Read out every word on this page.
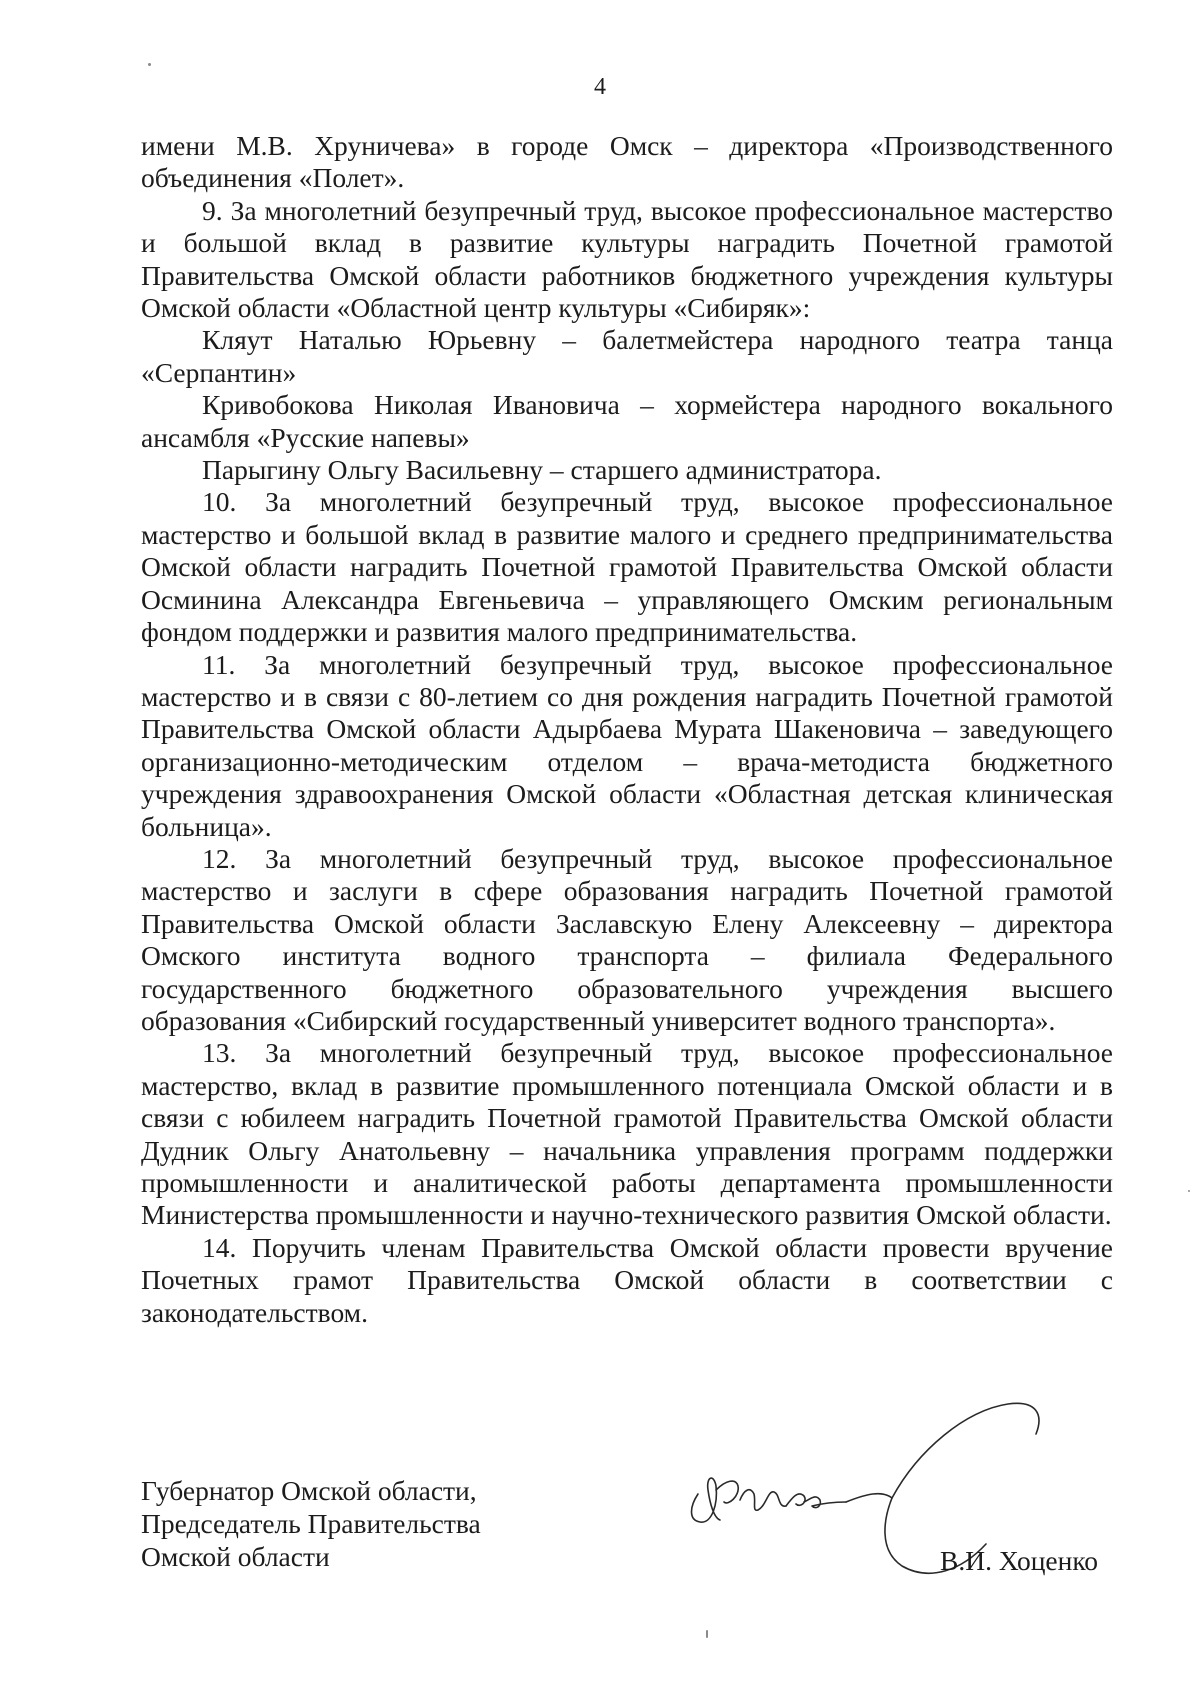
4

имени М.В. Хруничева» в городе Омск – директора «Производственного объединения «Полет».

9. За многолетний безупречный труд, высокое профессиональное мастерство и большой вклад в развитие культуры наградить Почетной грамотой Правительства Омской области работников бюджетного учреждения культуры Омской области «Областной центр культуры «Сибиряк»:

Кляут Наталью Юрьевну – балетмейстера народного театра танца «Серпантин»

Кривобокова Николая Ивановича – хормейстера народного вокального ансамбля «Русские напевы»

Парыгину Ольгу Васильевну – старшего администратора.

10. За многолетний безупречный труд, высокое профессиональное мастерство и большой вклад в развитие малого и среднего предпринимательства Омской области наградить Почетной грамотой Правительства Омской области Осминина Александра Евгеньевича – управляющего Омским региональным фондом поддержки и развития малого предпринимательства.

11. За многолетний безупречный труд, высокое профессиональное мастерство и в связи с 80-летием со дня рождения наградить Почетной грамотой Правительства Омской области Адырбаева Мурата Шакеновича – заведующего организационно-методическим отделом – врача-методиста бюджетного учреждения здравоохранения Омской области «Областная детская клиническая больница».

12. За многолетний безупречный труд, высокое профессиональное мастерство и заслуги в сфере образования наградить Почетной грамотой Правительства Омской области Заславскую Елену Алексеевну – директора Омского института водного транспорта – филиала Федерального государственного бюджетного образовательного учреждения высшего образования «Сибирский государственный университет водного транспорта».

13. За многолетний безупречный труд, высокое профессиональное мастерство, вклад в развитие промышленного потенциала Омской области и в связи с юбилеем наградить Почетной грамотой Правительства Омской области Дудник Ольгу Анатольевну – начальника управления программ поддержки промышленности и аналитической работы департамента промышленности Министерства промышленности и научно-технического развития Омской области.

14. Поручить членам Правительства Омской области провести вручение Почетных грамот Правительства Омской области в соответствии с законодательством.

Губернатор Омской области,
Председатель Правительства
Омской области	В.И. Хоценко
